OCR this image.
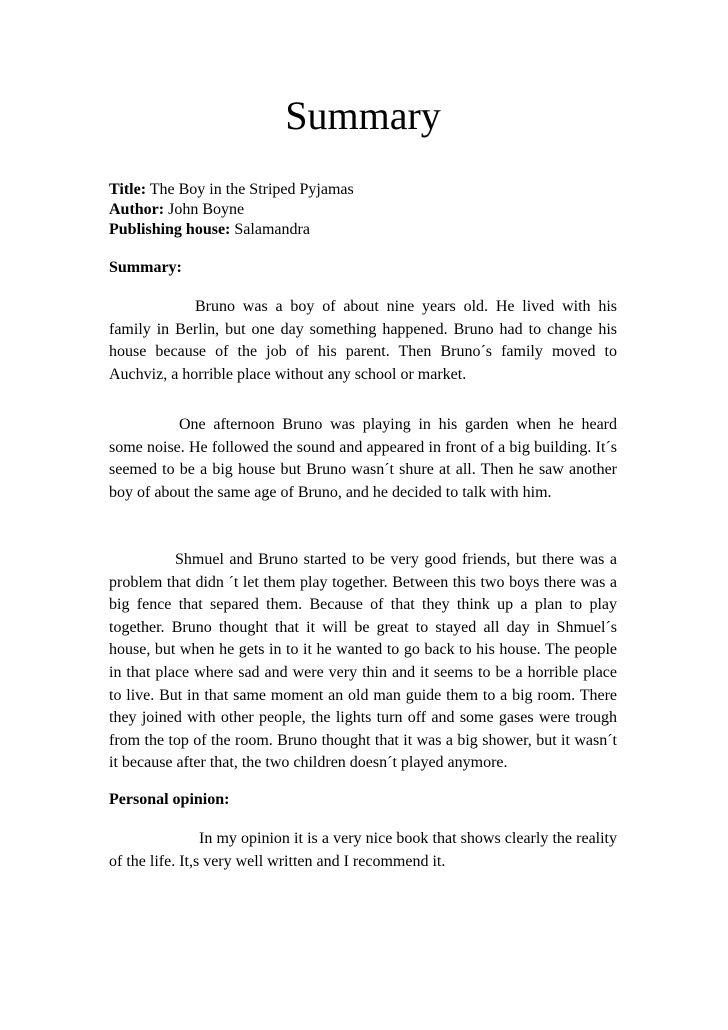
Summary
Title: The Boy in the Striped Pyjamas
Author: John Boyne
Publishing house: Salamandra
Summary:

Bruno was a boy of about nine years old. He lived with his family in Berlin, but one day something happened. Bruno had to change his house because of the job of his parent. Then Bruno´s family moved to Auchviz, a horrible place without any school or market.

One afternoon Bruno was playing in his garden when he heard some noise. He followed the sound and appeared in front of a big building. It´s seemed to be a big house but Bruno wasn´t shure at all. Then he saw another boy of about the same age of Bruno, and he decided to talk with him.

Shmuel and Bruno started to be very good friends, but there was a problem that didn ´t let them play together. Between this two boys there was a big fence that separed them. Because of that they think up a plan to play together. Bruno thought that it will be great to stayed all day in Shmuel´s house, but when he gets in to it he wanted to go back to his house. The people in that place where sad and were very thin and it seems to be a horrible place to live. But in that same moment an old man guide them to a big room. There they joined with other people, the lights turn off and some gases were trough from the top of the room. Bruno thought that it was a big shower, but it wasn´t it because after that, the two children doesn´t played anymore.

Personal opinion:

In my opinion it is a very nice book that shows clearly the reality of the life. It,s very well written and I recommend it.
